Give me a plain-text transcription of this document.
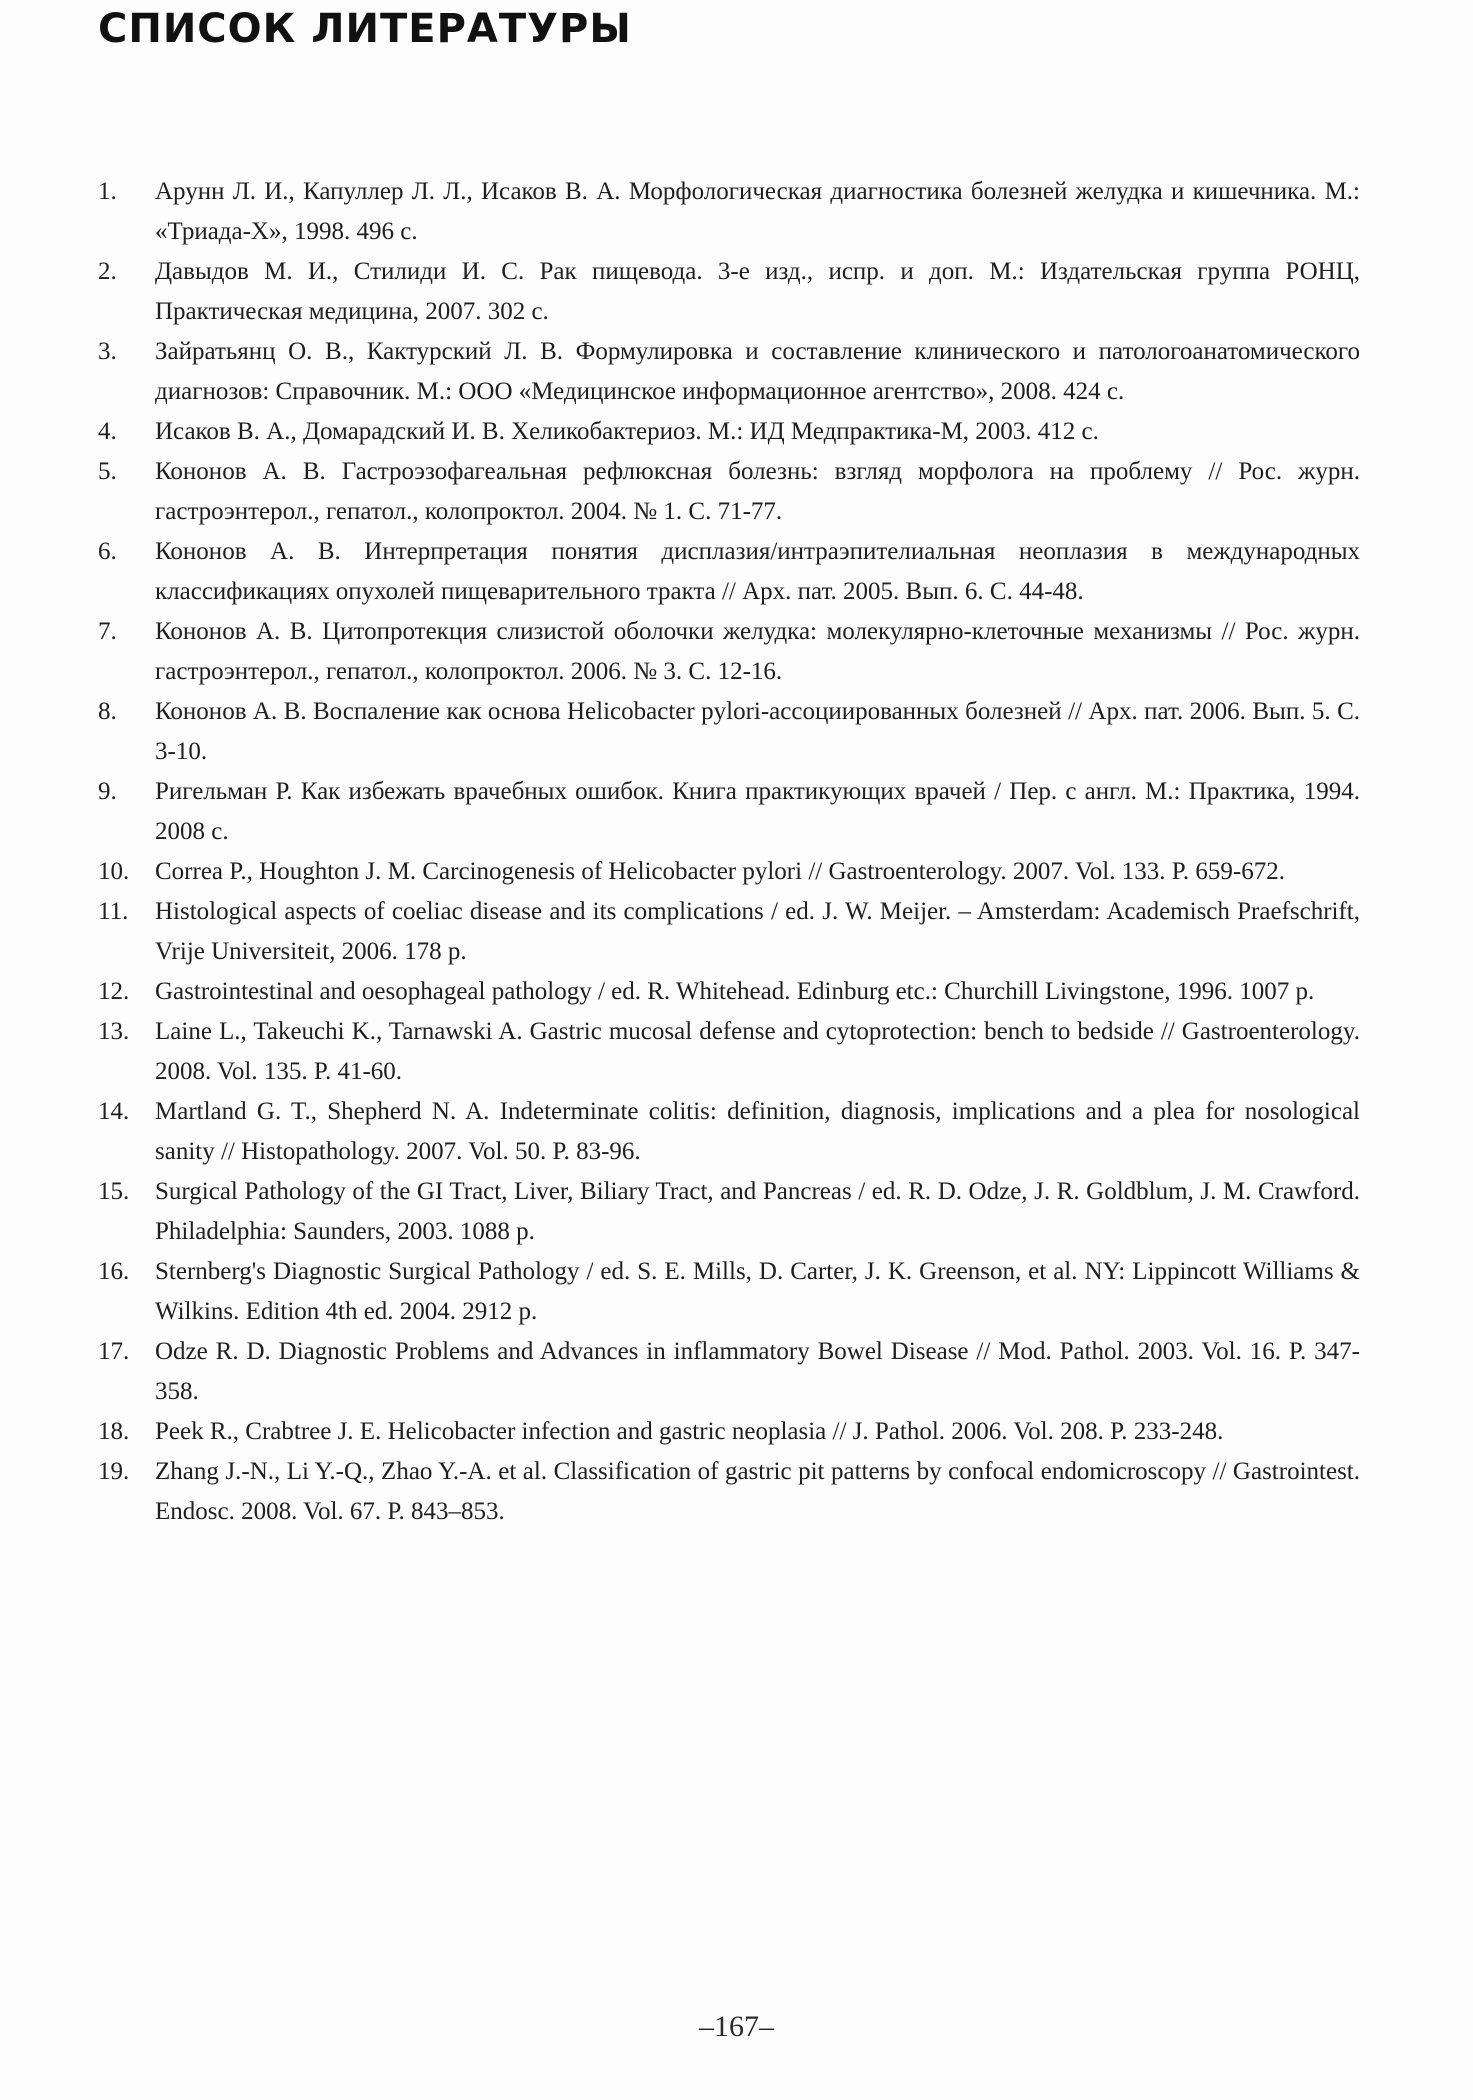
СПИСОК ЛИТЕРАТУРЫ
1.	Арунн Л. И., Капуллер Л. Л., Исаков В. А. Морфологическая диагностика болезней желудка и кишечника. М.: «Триада-Х», 1998. 496 с.
2.	Давыдов М. И., Стилиди И. С. Рак пищевода. 3-е изд., испр. и доп. М.: Издательская группа РОНЦ, Практическая медицина, 2007. 302 с.
3.	Зайратьянц О. В., Кактурский Л. В. Формулировка и составление клинического и патологоанатомического диагнозов: Справочник. М.: ООО «Медицинское информационное агентство», 2008. 424 с.
4.	Исаков В. А., Домарадский И. В. Хеликобактериоз. М.: ИД Медпрактика-М, 2003. 412 с.
5.	Кононов А. В. Гастроэзофагеальная рефлюксная болезнь: взгляд морфолога на проблему // Рос. журн. гастроэнтерол., гепатол., колопроктол. 2004. № 1. С. 71-77.
6.	Кононов А. В. Интерпретация понятия дисплазия/интраэпителиальная неоплазия в международных классификациях опухолей пищеварительного тракта // Арх. пат. 2005. Вып. 6. С. 44-48.
7.	Кононов А. В. Цитопротекция слизистой оболочки желудка: молекулярно-клеточные механизмы // Рос. журн. гастроэнтерол., гепатол., колопроктол. 2006. № 3. С. 12-16.
8.	Кононов А. В. Воспаление как основа Helicobacter pylori-ассоциированных болезней // Арх. пат. 2006. Вып. 5. С. 3-10.
9.	Ригельман Р. Как избежать врачебных ошибок. Книга практикующих врачей / Пер. с англ. М.: Практика, 1994. 2008 с.
10.	Correa P., Houghton J. M. Carcinogenesis of Helicobacter pylori // Gastroenterology. 2007. Vol. 133. P. 659-672.
11.	Histological aspects of coeliac disease and its complications / ed. J. W. Meijer. – Amsterdam: Academisch Praefschrift, Vrije Universiteit, 2006. 178 p.
12.	Gastrointestinal and oesophageal pathology / ed. R. Whitehead. Edinburg etc.: Churchill Livingstone, 1996. 1007 p.
13.	Laine L., Takeuchi K., Tarnawski A. Gastric mucosal defense and cytoprotection: bench to bedside // Gastroenterology. 2008. Vol. 135. P. 41-60.
14.	Martland G. T., Shepherd N. A. Indeterminate colitis: definition, diagnosis, implications and a plea for nosological sanity // Histopathology. 2007. Vol. 50. P. 83-96.
15.	Surgical Pathology of the GI Tract, Liver, Biliary Tract, and Pancreas / ed. R. D. Odze, J. R. Goldblum, J. M. Crawford. Philadelphia: Saunders, 2003. 1088 p.
16.	Sternberg's Diagnostic Surgical Pathology / ed. S. E. Mills, D. Carter, J. K. Greenson, et al. NY: Lippincott Williams & Wilkins. Edition 4th ed. 2004. 2912 p.
17.	Odze R. D. Diagnostic Problems and Advances in inflammatory Bowel Disease // Mod. Pathol. 2003. Vol. 16. P. 347-358.
18.	Peek R., Crabtree J. E. Helicobacter infection and gastric neoplasia // J. Pathol. 2006. Vol. 208. P. 233-248.
19.	Zhang J.-N., Li Y.-Q., Zhao Y.-A. et al. Classification of gastric pit patterns by confocal endomicroscopy // Gastrointest. Endosc. 2008. Vol. 67. P. 843–853.
–167–
